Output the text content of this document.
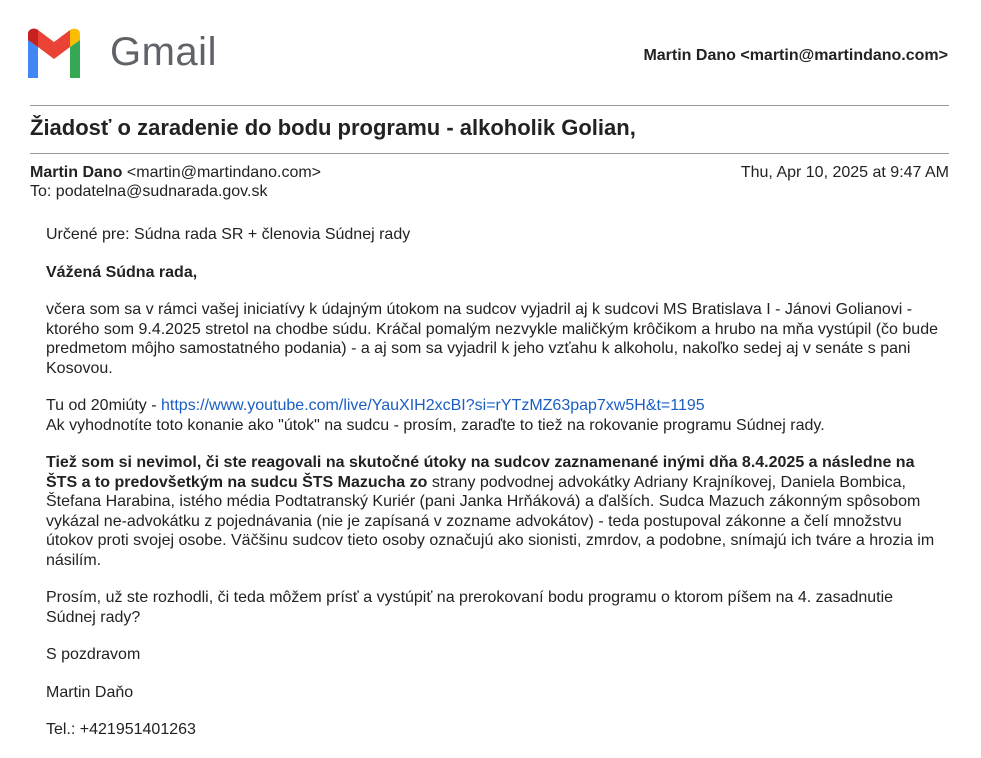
Gmail	Martin Dano <martin@martindano.com>
Žiadosť o zaradenie do bodu programu - alkoholik Golian,
Martin Dano <martin@martindano.com>	Thu, Apr 10, 2025 at 9:47 AM
To: podatelna@sudnarada.gov.sk

Určené pre: Súdna rada SR + členovia Súdnej rady

Vážená Súdna rada,

včera som sa v rámci vašej iniciatívy k údajným útokom na sudcov vyjadril aj k sudcovi MS Bratislava I - Jánovi Golianovi - ktorého som 9.4.2025 stretol na chodbe súdu. Kráčal pomalým nezvykle maličkým krôčikom a hrubo na mňa vystúpil (čo bude predmetom môjho samostatného podania) - a aj som sa vyjadril k jeho vzťahu k alkoholu, nakoľko sedej aj v senáte s pani Kosovou.

Tu od 20miúty - https://www.youtube.com/live/YauXIH2xcBI?si=rYTzMZ63pap7xw5H&t=1195
Ak vyhodnotíte toto konanie ako "útok" na sudcu - prosím, zaraďte to tiež na rokovanie programu Súdnej rady.

Tiež som si nevimol, či ste reagovali na skutočné útoky na sudcov zaznamenané inými dňa 8.4.2025 a následne na ŠTS a to predovšetkým na sudcu ŠTS Mazucha zo strany podvodnej advokátky Adriany Krajníkovej, Daniela Bombica, Štefana Harabina, istého média Podtatranský Kuriér (pani Janka Hrňáková) a ďalších. Sudca Mazuch zákonným spôsobom vykázal ne-advokátku z pojednávania (nie je zapísaná v zozname advokátov) - teda postupoval zákonne a čelí množstvu útokov proti svojej osobe. Väčšinu sudcov tieto osoby označujú ako sionisti, zmrdov, a podobne, snímajú ich tváre a hrozia im násilím.

Prosím, už ste rozhodli, či teda môžem prísť a vystúpiť na prerokovaní bodu programu o ktorom píšem na 4. zasadnutie Súdnej rady?

S pozdravom

Martin Daňo

Tel.: +421951401263
